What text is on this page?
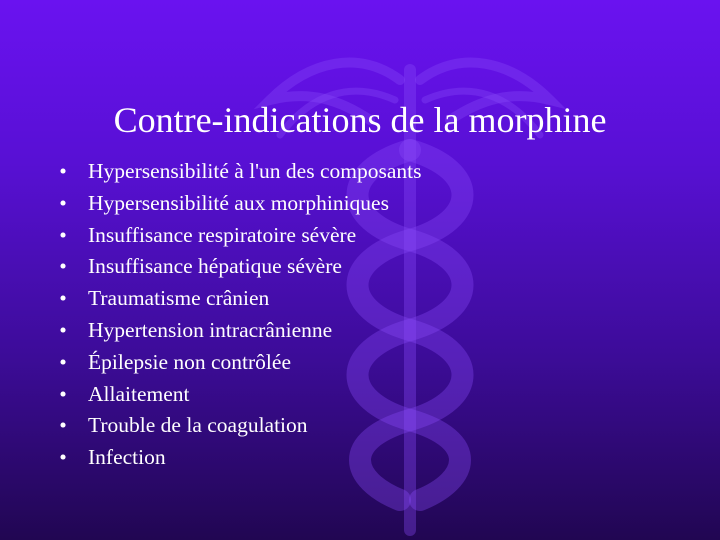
Contre-indications de la morphine
• Hypersensibilité à l'un des composants
• Hypersensibilité aux morphiniques
• Insuffisance respiratoire sévère
• Insuffisance hépatique sévère
• Traumatisme crânien
• Hypertension intracrânienne
• Épilepsie non contrôlée
• Allaitement
• Trouble de la coagulation
• Infection
